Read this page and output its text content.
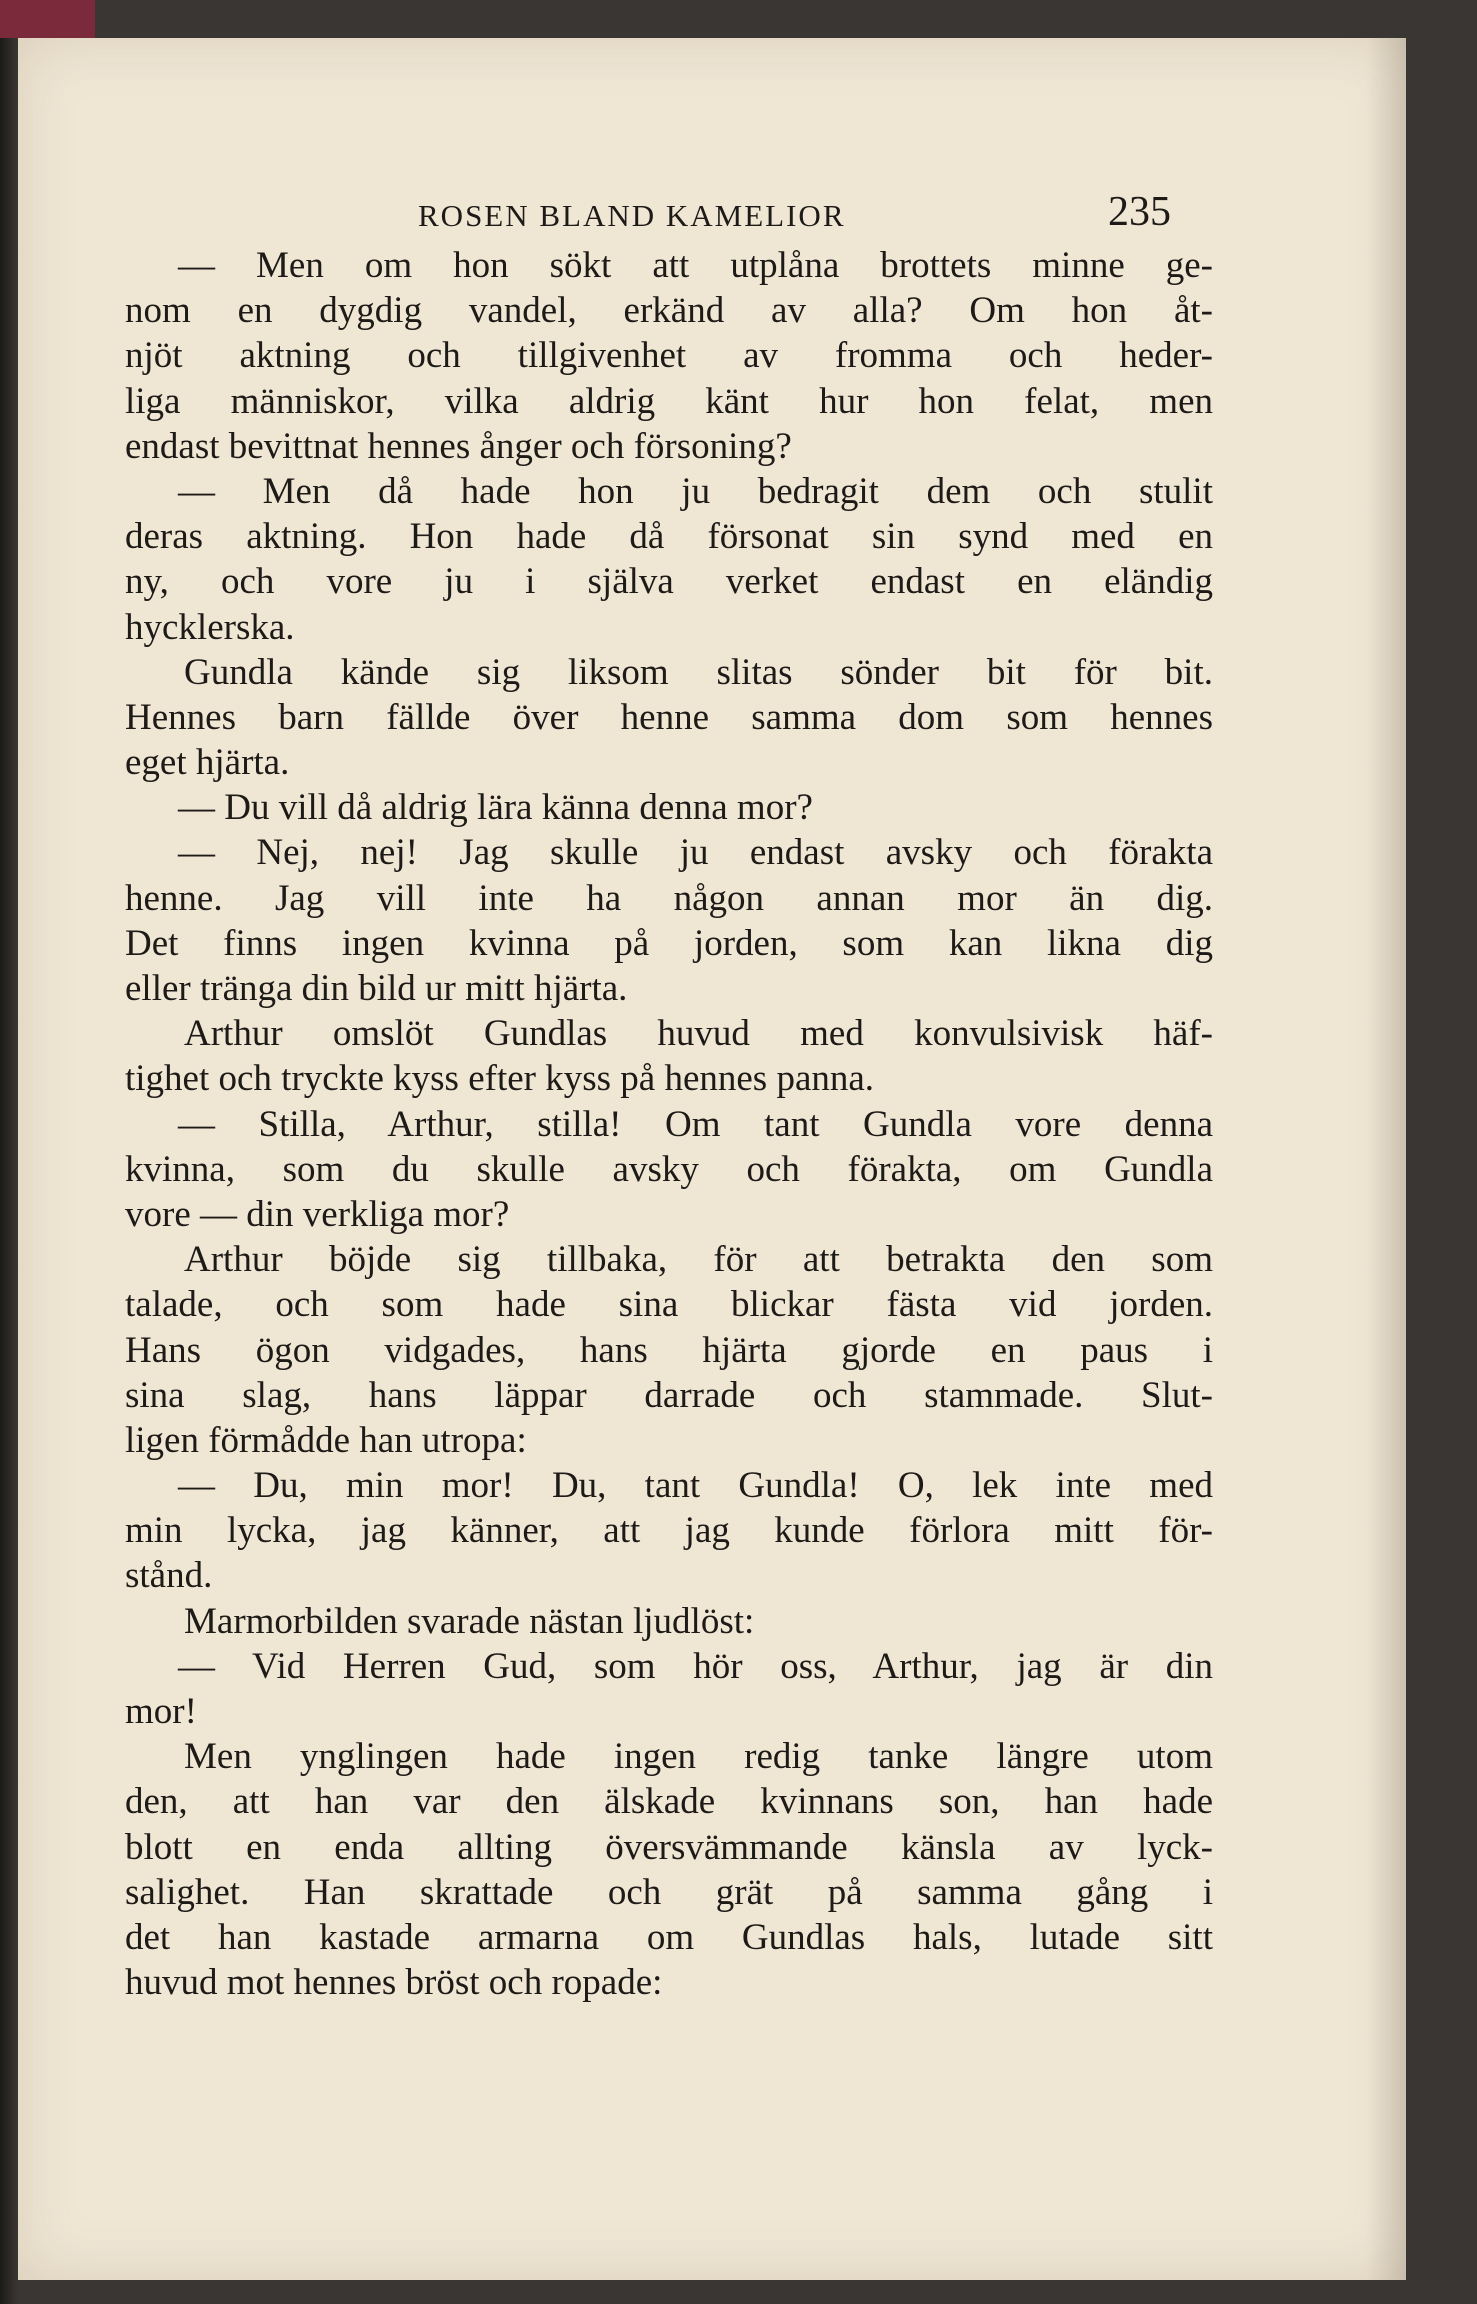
ROSEN BLAND KAMELIOR	235
— Men om hon sökt att utplåna brottets minne ge-
nom en dygdig vandel, erkänd av alla? Om hon åt-
njöt aktning och tillgivenhet av fromma och heder-
liga människor, vilka aldrig känt hur hon felat, men
endast bevittnat hennes ånger och försoning?
— Men då hade hon ju bedragit dem och stulit
deras aktning. Hon hade då försonat sin synd med en
ny, och vore ju i själva verket endast en eländig
hycklerska.
Gundla kände sig liksom slitas sönder bit för bit.
Hennes barn fällde över henne samma dom som hennes
eget hjärta.
— Du vill då aldrig lära känna denna mor?
— Nej, nej! Jag skulle ju endast avsky och förakta
henne. Jag vill inte ha någon annan mor än dig.
Det finns ingen kvinna på jorden, som kan likna dig
eller tränga din bild ur mitt hjärta.
Arthur omslöt Gundlas huvud med konvulsivisk häf-
tighet och tryckte kyss efter kyss på hennes panna.
— Stilla, Arthur, stilla! Om tant Gundla vore denna
kvinna, som du skulle avsky och förakta, om Gundla
vore — din verkliga mor?
Arthur böjde sig tillbaka, för att betrakta den som
talade, och som hade sina blickar fästa vid jorden.
Hans ögon vidgades, hans hjärta gjorde en paus i
sina slag, hans läppar darrade och stammade. Slut-
ligen förmådde han utropa:
— Du, min mor! Du, tant Gundla! O, lek inte med
min lycka, jag känner, att jag kunde förlora mitt för-
stånd.
Marmorbilden svarade nästan ljudlöst:
— Vid Herren Gud, som hör oss, Arthur, jag är din
mor!
Men ynglingen hade ingen redig tanke längre utom
den, att han var den älskade kvinnans son, han hade
blott en enda allting översvämmande känsla av lyck-
salighet. Han skrattade och grät på samma gång i
det han kastade armarna om Gundlas hals, lutade sitt
huvud mot hennes bröst och ropade:
